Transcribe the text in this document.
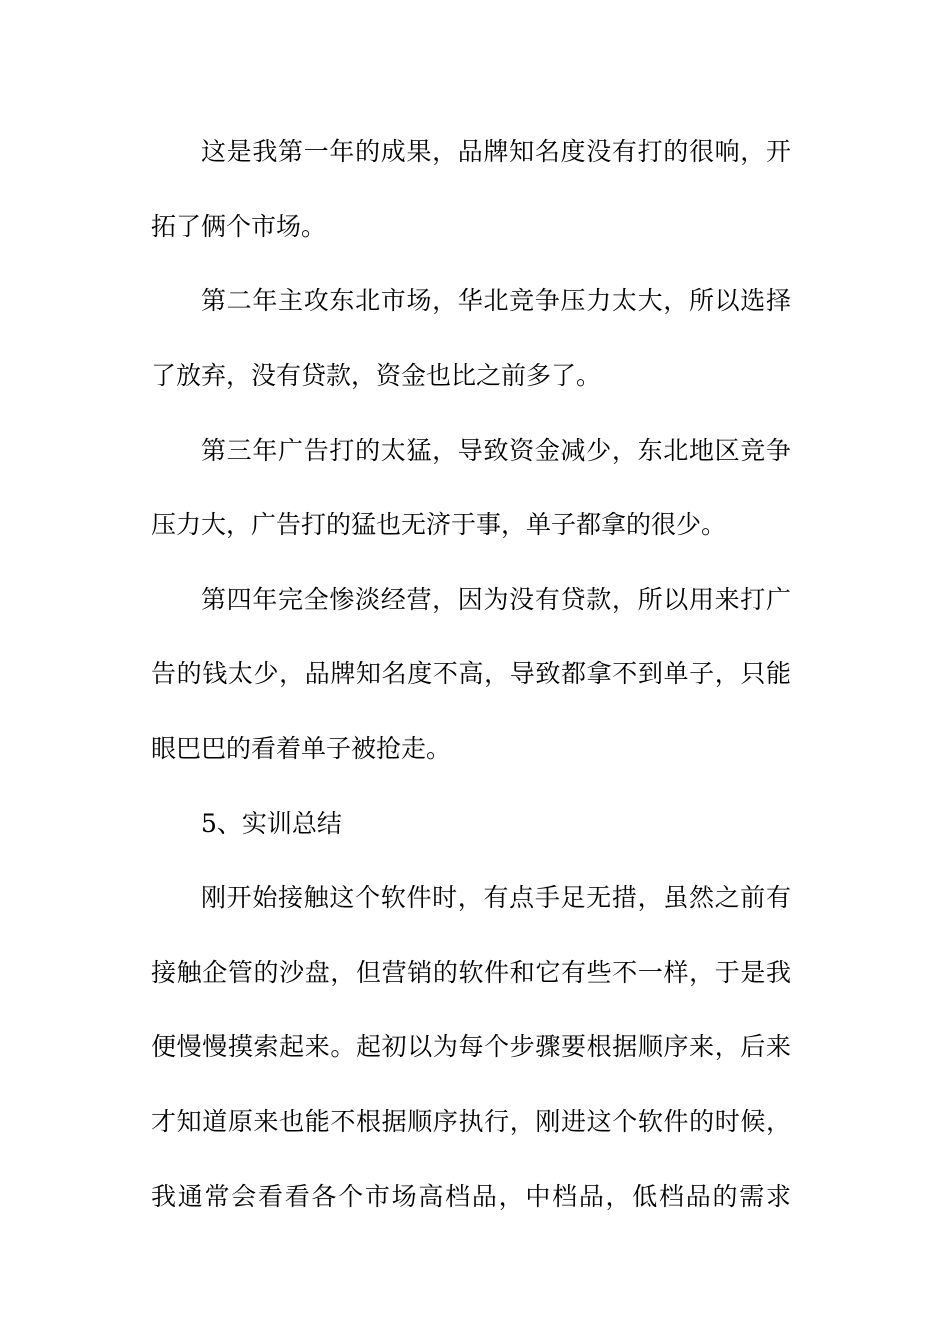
这是我第一年的成果，品牌知名度没有打的很响，开
拓了俩个市场。
第二年主攻东北市场，华北竞争压力太大，所以选择
了放弃，没有贷款，资金也比之前多了。
第三年广告打的太猛，导致资金减少，东北地区竞争
压力大，广告打的猛也无济于事，单子都拿的很少。
第四年完全惨淡经营，因为没有贷款，所以用来打广
告的钱太少，品牌知名度不高，导致都拿不到单子，只能
眼巴巴的看着单子被抢走。
5、实训总结
刚开始接触这个软件时，有点手足无措，虽然之前有
接触企管的沙盘，但营销的软件和它有些不一样，于是我
便慢慢摸索起来。起初以为每个步骤要根据顺序来，后来
才知道原来也能不根据顺序执行，刚进这个软件的时候，
我通常会看看各个市场高档品，中档品，低档品的需求
